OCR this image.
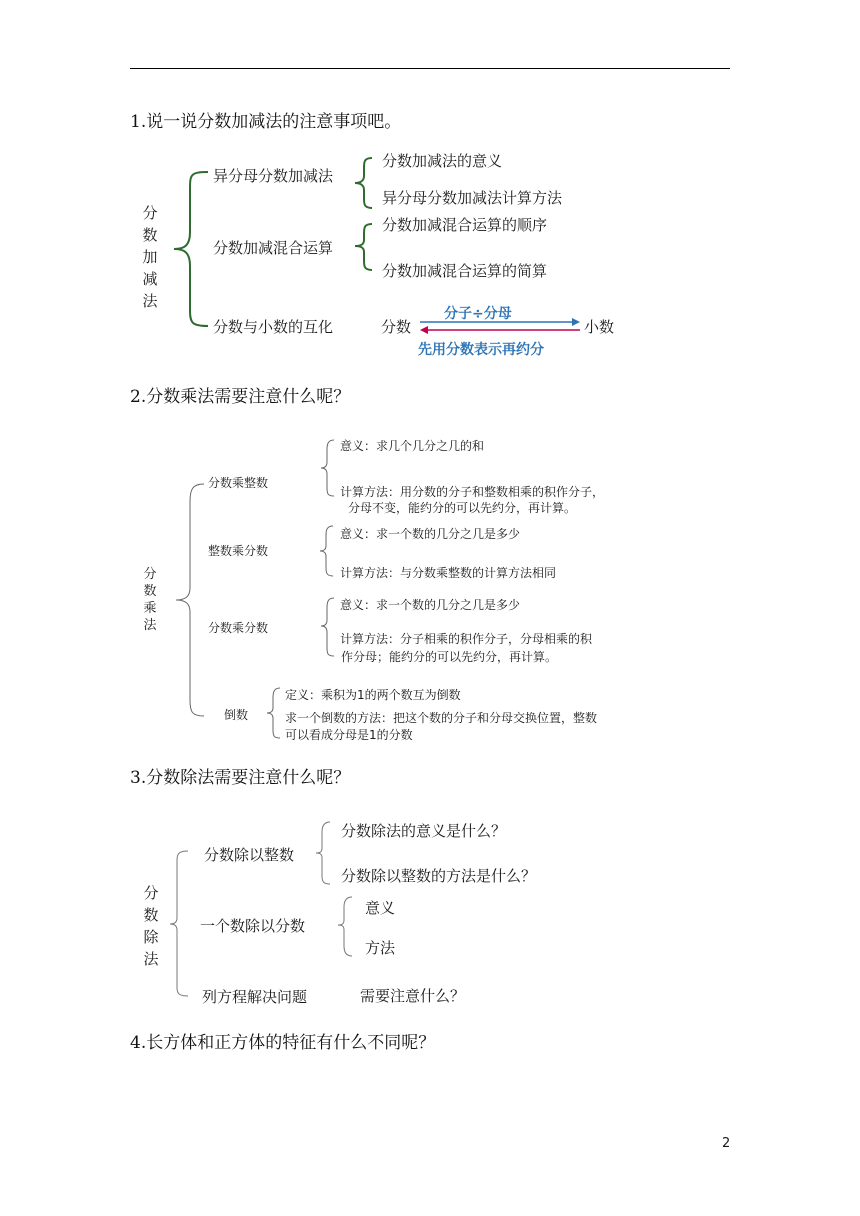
1.说一说分数加减法的注意事项吧。
分数加减法
异分母分数加减法
分数加减法的意义
异分母分数加减法计算方法
分数加减混合运算
分数加减混合运算的顺序
分数加减混合运算的简算
分数与小数的互化	分数	小数
分子÷分母
先用分数表示再约分
2.分数乘法需要注意什么呢？
分数乘法
分数乘整数
意义：求几个几分之几的和
计算方法：用分数的分子和整数相乘的积作分子，
分母不变，能约分的可以先约分，再计算。
整数乘分数
意义：求一个数的几分之几是多少
计算方法：与分数乘整数的计算方法相同
分数乘分数
意义：求一个数的几分之几是多少
计算方法：分子相乘的积作分子，分母相乘的积
作分母；能约分的可以先约分，再计算。
倒数
定义：乘积为1的两个数互为倒数
求一个倒数的方法：把这个数的分子和分母交换位置，整数
可以看成分母是1的分数
3.分数除法需要注意什么呢？
分数除法
分数除以整数
分数除法的意义是什么？
分数除以整数的方法是什么？
一个数除以分数
意义
方法
列方程解决问题	需要注意什么？
4.长方体和正方体的特征有什么不同呢？
2
